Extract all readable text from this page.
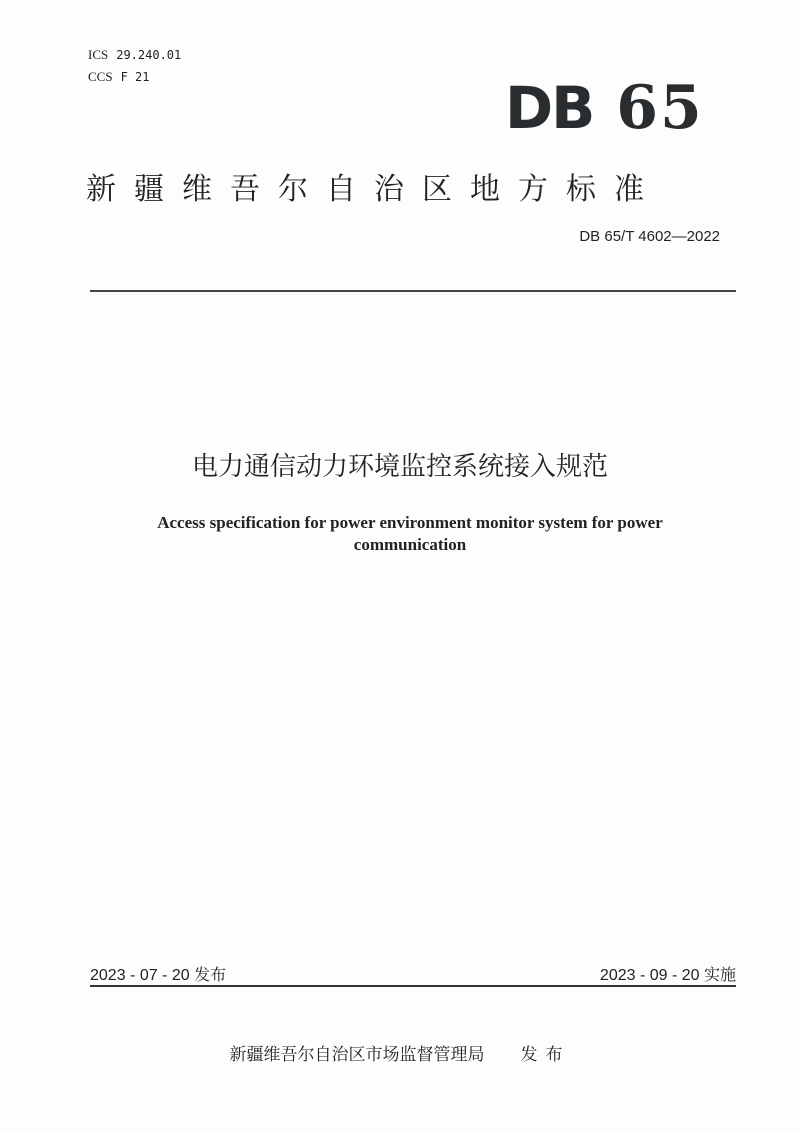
ICS 29.240.01
CCS F 21	DB 65
新疆维吾尔自治区地方标准
DB 65/T 4602—2022
电力通信动力环境监控系统接入规范
Access specification for power environment monitor system for power communication
2023 - 07 - 20 发布	2023 - 09 - 20 实施
新疆维吾尔自治区市场监督管理局 发布
